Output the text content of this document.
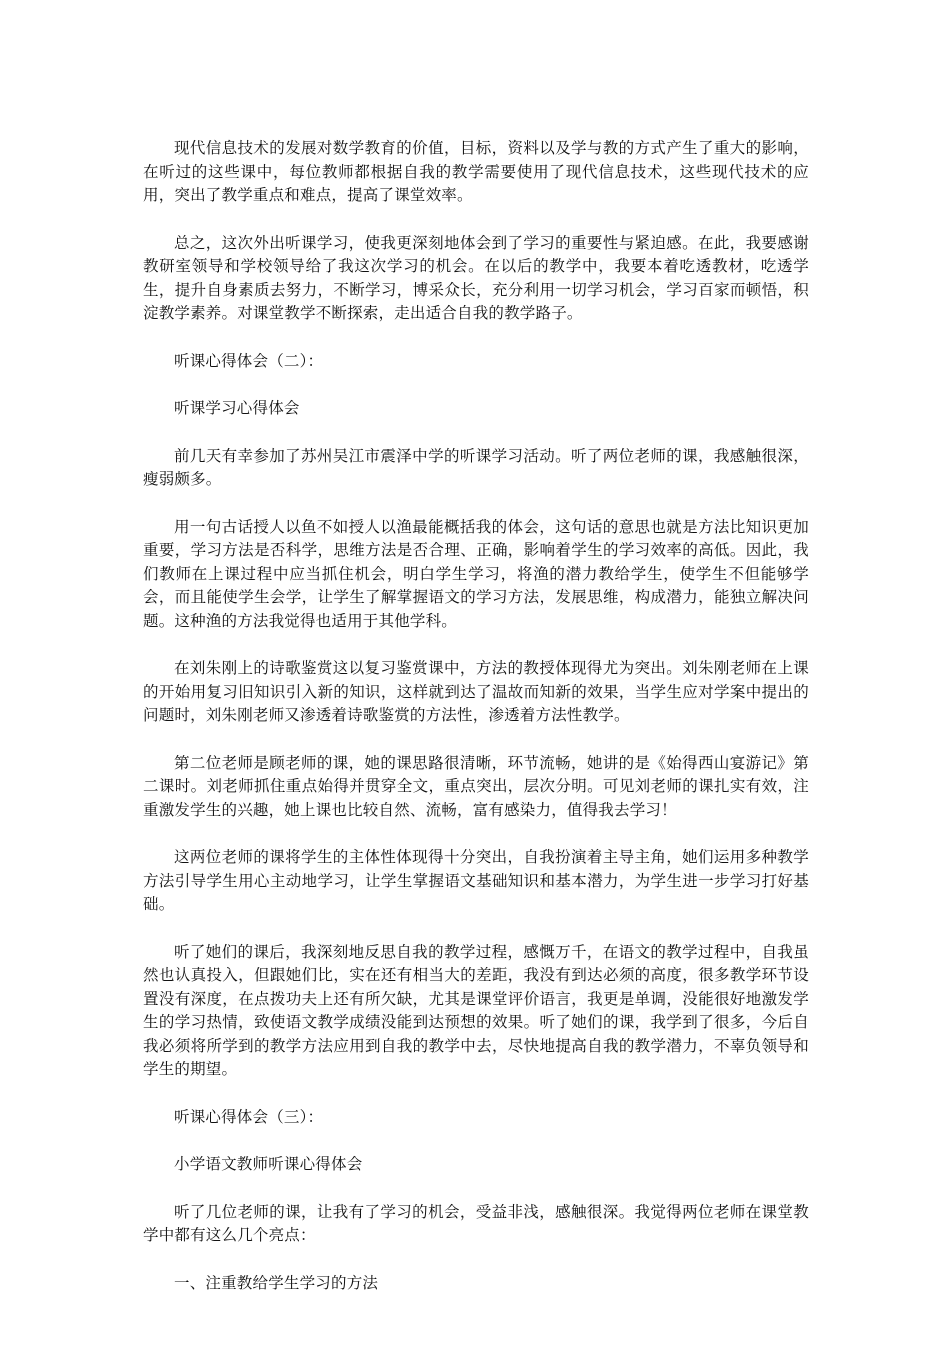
现代信息技术的发展对数学教育的价值，目标，资料以及学与教的方式产生了重大的影响，在听过的这些课中，每位教师都根据自我的教学需要使用了现代信息技术，这些现代技术的应用，突出了教学重点和难点，提高了课堂效率。

总之，这次外出听课学习，使我更深刻地体会到了学习的重要性与紧迫感。在此，我要感谢教研室领导和学校领导给了我这次学习的机会。在以后的教学中，我要本着吃透教材，吃透学生，提升自身素质去努力，不断学习，博采众长，充分利用一切学习机会，学习百家而顿悟，积淀教学素养。对课堂教学不断探索，走出适合自我的教学路子。

听课心得体会（二）：

听课学习心得体会

前几天有幸参加了苏州吴江市震泽中学的听课学习活动。听了两位老师的课，我感触很深，瘦弱颇多。

用一句古话授人以鱼不如授人以渔最能概括我的体会，这句话的意思也就是方法比知识更加重要，学习方法是否科学，思维方法是否合理、正确，影响着学生的学习效率的高低。因此，我们教师在上课过程中应当抓住机会，明白学生学习，将渔的潜力教给学生，使学生不但能够学会，而且能使学生会学，让学生了解掌握语文的学习方法，发展思维，构成潜力，能独立解决问题。这种渔的方法我觉得也适用于其他学科。

在刘朱刚上的诗歌鉴赏这以复习鉴赏课中，方法的教授体现得尤为突出。刘朱刚老师在上课的开始用复习旧知识引入新的知识，这样就到达了温故而知新的效果，当学生应对学案中提出的问题时，刘朱刚老师又渗透着诗歌鉴赏的方法性，渗透着方法性教学。

第二位老师是顾老师的课，她的课思路很清晰，环节流畅，她讲的是《始得西山宴游记》第二课时。刘老师抓住重点始得并贯穿全文，重点突出，层次分明。可见刘老师的课扎实有效，注重激发学生的兴趣，她上课也比较自然、流畅，富有感染力，值得我去学习！

这两位老师的课将学生的主体性体现得十分突出，自我扮演着主导主角，她们运用多种教学方法引导学生用心主动地学习，让学生掌握语文基础知识和基本潜力，为学生进一步学习打好基础。

听了她们的课后，我深刻地反思自我的教学过程，感慨万千，在语文的教学过程中，自我虽然也认真投入，但跟她们比，实在还有相当大的差距，我没有到达必须的高度，很多教学环节设置没有深度，在点拨功夫上还有所欠缺，尤其是课堂评价语言，我更是单调，没能很好地激发学生的学习热情，致使语文教学成绩没能到达预想的效果。听了她们的课，我学到了很多，今后自我必须将所学到的教学方法应用到自我的教学中去，尽快地提高自我的教学潜力，不辜负领导和学生的期望。

听课心得体会（三）：

小学语文教师听课心得体会

听了几位老师的课，让我有了学习的机会，受益非浅，感触很深。我觉得两位老师在课堂教学中都有这么几个亮点：

一、注重教给学生学习的方法
